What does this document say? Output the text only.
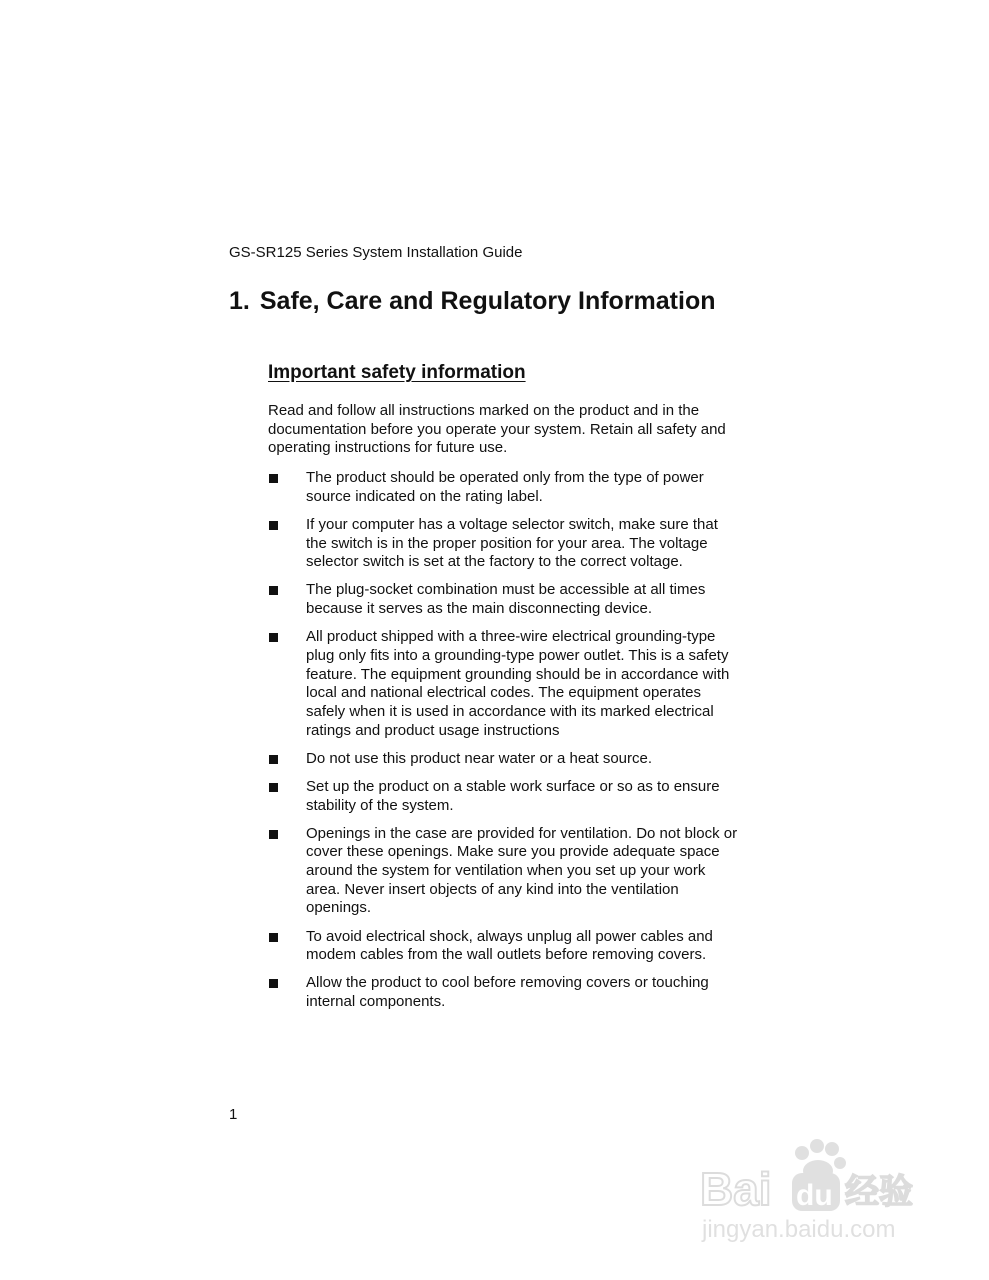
GS-SR125 Series System Installation Guide

1. Safe, Care and Regulatory Information
Important safety information

Read and follow all instructions marked on the product and in the documentation before you operate your system. Retain all safety and operating instructions for future use.

The product should be operated only from the type of power source indicated on the rating label.
If your computer has a voltage selector switch, make sure that the switch is in the proper position for your area. The voltage selector switch is set at the factory to the correct voltage.
The plug-socket combination must be accessible at all times because it serves as the main disconnecting device.
All product shipped with a three-wire electrical grounding-type plug only fits into a grounding-type power outlet. This is a safety feature. The equipment grounding should be in accordance with local and national electrical codes. The equipment operates safely when it is used in accordance with its marked electrical ratings and product usage instructions
Do not use this product near water or a heat source.
Set up the product on a stable work surface or so as to ensure stability of the system.
Openings in the case are provided for ventilation. Do not block or cover these openings. Make sure you provide adequate space around the system for ventilation when you set up your work area. Never insert objects of any kind into the ventilation openings.
To avoid electrical shock, always unplug all power cables and modem cables from the wall outlets before removing covers.
Allow the product to cool before removing covers or touching internal components.

1

Bai du 经验
jingyan.baidu.com
